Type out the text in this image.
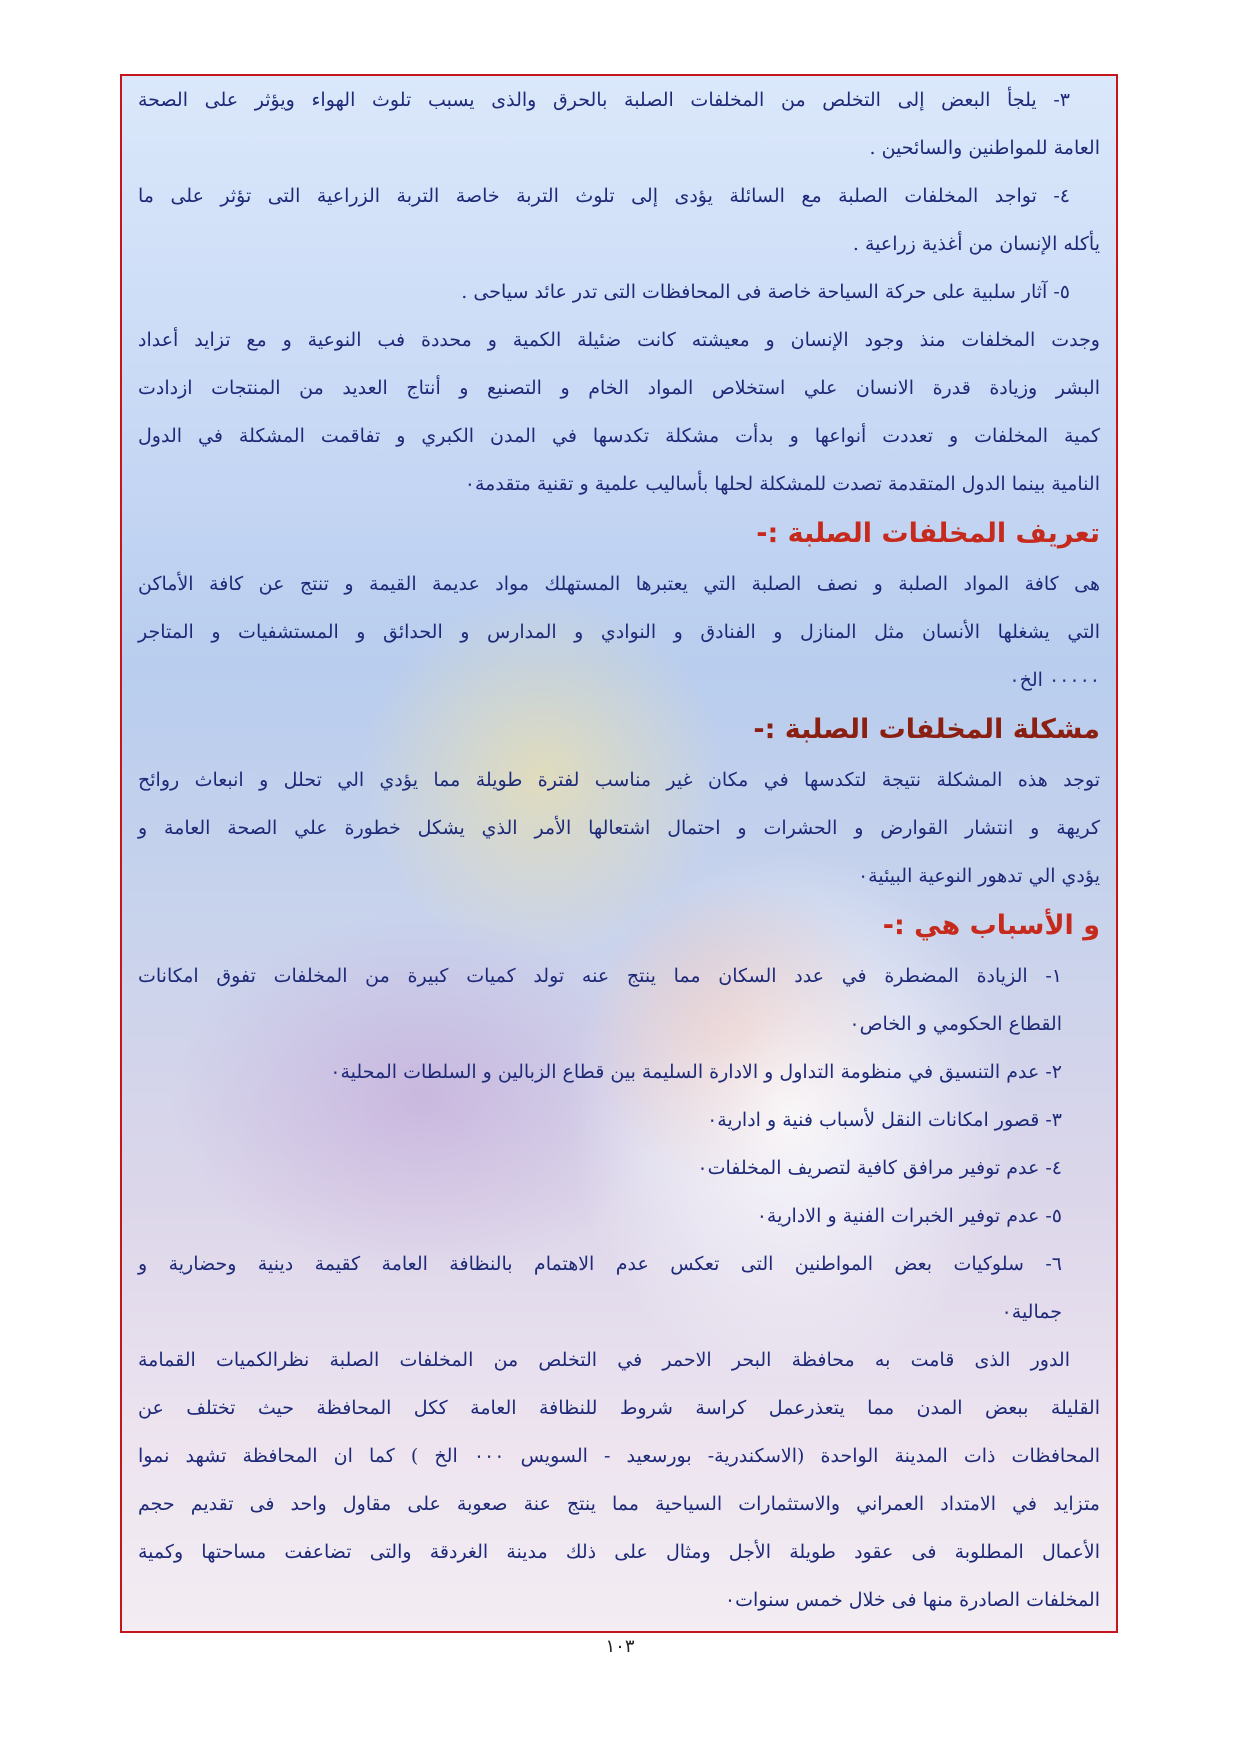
٣- يلجأ البعض إلى التخلص من المخلفات الصلبة بالحرق والذى يسبب تلوث الهواء ويؤثر على الصحة
العامة للمواطنين والسائحين .
٤- تواجد المخلفات الصلبة مع السائلة يؤدى إلى تلوث التربة خاصة التربة الزراعية التى تؤثر على ما
يأكله الإنسان من أغذية زراعية .
٥- آثار سلبية على حركة السياحة خاصة فى المحافظات التى تدر عائد سياحى .
وجدت المخلفات منذ وجود الإنسان و معيشته كانت ضئيلة الكمية و محددة فب النوعية و مع تزايد أعداد
البشر وزيادة قدرة الانسان علي استخلاص المواد الخام و التصنيع و أنتاج العديد من المنتجات ازدادت
كمية المخلفات و تعددت أنواعها و بدأت مشكلة تكدسها في المدن الكبري و تفاقمت المشكلة في الدول
النامية بينما الدول المتقدمة تصدت للمشكلة لحلها بأساليب علمية و تقنية متقدمة٠
تعريف المخلفات الصلبة :-
هى كافة المواد الصلبة و نصف الصلبة التي يعتبرها المستهلك مواد عديمة القيمة و تنتج عن كافة الأماكن
التي يشغلها الأنسان مثل المنازل و الفنادق و النوادي و المدارس و الحدائق و المستشفيات و المتاجر
٠٠٠٠٠ الخ٠
مشكلة المخلفات الصلبة :-
توجد هذه المشكلة نتيجة لتكدسها في مكان غير مناسب لفترة طويلة مما يؤدي الي تحلل و انبعاث روائح
كريهة و انتشار القوارض و الحشرات و احتمال اشتعالها الأمر الذي يشكل خطورة علي الصحة العامة و
يؤدي الي تدهور النوعية البيئية٠
و الأسباب هي :-
١- الزيادة المضطرة في عدد السكان مما ينتج عنه تولد كميات كبيرة من المخلفات تفوق امكانات
القطاع الحكومي و الخاص٠
٢- عدم التنسيق في منظومة التداول و الادارة السليمة بين قطاع الزبالين و السلطات المحلية٠
٣- قصور امكانات النقل لأسباب فنية و ادارية٠
٤- عدم توفير مرافق كافية لتصريف المخلفات٠
٥- عدم توفير الخبرات الفنية و الادارية٠
٦- سلوكيات بعض المواطنين التى تعكس عدم الاهتمام بالنظافة العامة كقيمة دينية وحضارية و
جمالية٠
الدور الذى قامت به محافظة البحر الاحمر في التخلص من المخلفات الصلبة نظرالكميات القمامة
القليلة ببعض المدن مما يتعذرعمل كراسة شروط للنظافة العامة ككل المحافظة حيث تختلف عن
المحافظات ذات المدينة الواحدة (الاسكندرية- بورسعيد - السويس ٠٠٠ الخ ) كما ان المحافظة تشهد نموا
متزايد في الامتداد العمراني والاستثمارات السياحية مما ينتج عنة صعوبة على مقاول واحد فى تقديم حجم
الأعمال المطلوبة فى عقود طويلة الأجل ومثال على ذلك مدينة الغردقة والتى تضاعفت مساحتها وكمية
المخلفات الصادرة منها فى خلال خمس سنوات٠
١٠٣
